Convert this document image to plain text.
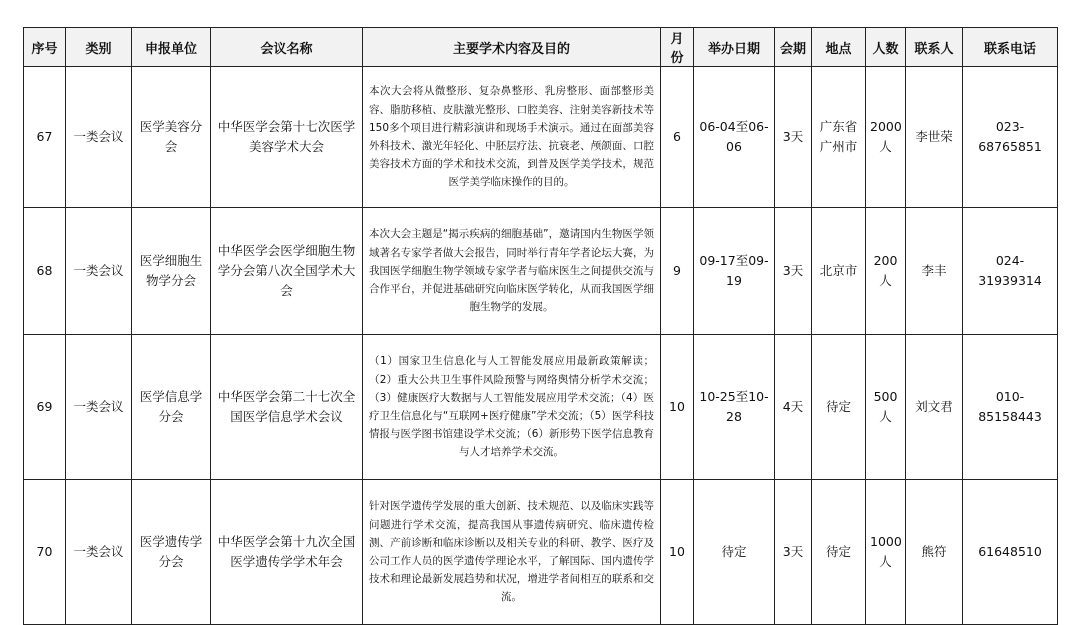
序号	类别	申报单位	会议名称	主要学术内容及目的	月份	举办日期	会期	地点	人数	联系人	联系电话
67	一类会议	医学美容分会	中华医学会第十七次医学美容学术大会	本次大会将从微整形、复杂鼻整形、乳房整形、面部整形美容、脂肪移植、皮肤激光整形、口腔美容、注射美容新技术等150多个项目进行精彩演讲和现场手术演示。通过在面部美容外科技术、激光年轻化、中胚层疗法、抗衰老、颅颌面、口腔美容技术方面的学术和技术交流，到普及医学美学技术，规范医学美学临床操作的目的。	6	06-04至06-06	3天	广东省广州市	2000人	李世荣	023-68765851
68	一类会议	医学细胞生物学分会	中华医学会医学细胞生物学分会第八次全国学术大会	本次大会主题是“揭示疾病的细胞基础”，邀请国内生物医学领域著名专家学者做大会报告，同时举行青年学者论坛大赛，为我国医学细胞生物学领域专家学者与临床医生之间提供交流与合作平台，并促进基础研究向临床医学转化，从而我国医学细胞生物学的发展。	9	09-17至09-19	3天	北京市	200人	李丰	024-31939314
69	一类会议	医学信息学分会	中华医学会第二十七次全国医学信息学术会议	（1）国家卫生信息化与人工智能发展应用最新政策解读；（2）重大公共卫生事件风险预警与网络舆情分析学术交流；（3）健康医疗大数据与人工智能发展应用学术交流；（4）医疗卫生信息化与“互联网+医疗健康”学术交流；（5）医学科技情报与医学图书馆建设学术交流；（6）新形势下医学信息教育与人才培养学术交流。	10	10-25至10-28	4天	待定	500人	刘文君	010-85158443
70	一类会议	医学遗传学分会	中华医学会第十九次全国医学遗传学学术年会	针对医学遗传学发展的重大创新、技术规范、以及临床实践等问题进行学术交流，提高我国从事遗传病研究、临床遗传检测、产前诊断和临床诊断以及相关专业的科研、教学、医疗及公司工作人员的医学遗传学理论水平，了解国际、国内遗传学技术和理论最新发展趋势和状况，增进学者间相互的联系和交流。	10	待定	3天	待定	1000人	熊符	61648510
